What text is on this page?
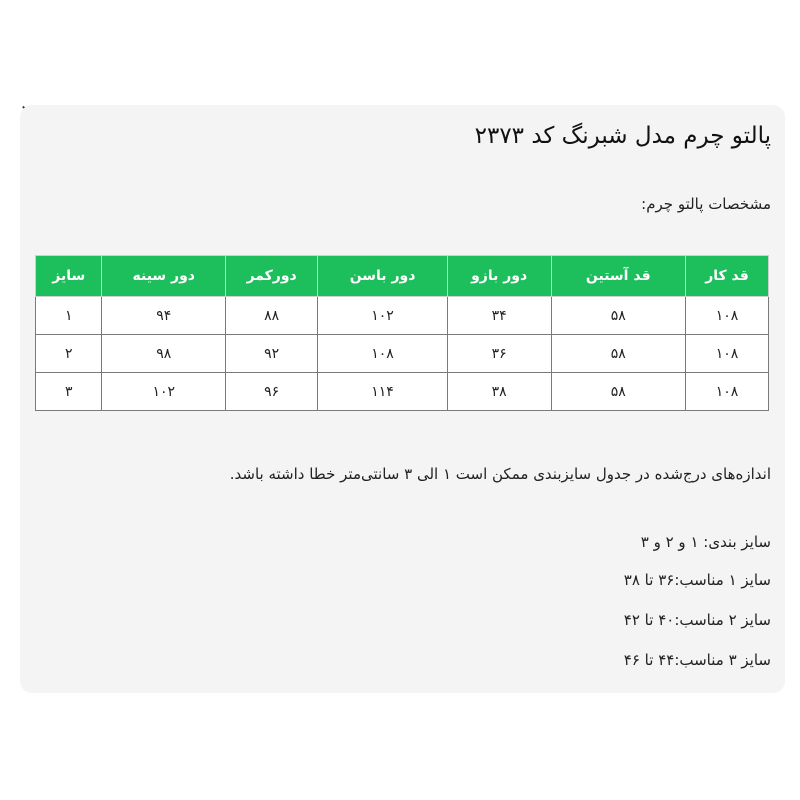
پالتو چرم مدل شبرنگ کد ۲۳۷۳
مشخصات پالتو چرم:
قد کار	قد آستین	دور بازو	دور باسن	دورکمر	دور سینه	سایز
۱۰۸	۵۸	۳۴	۱۰۲	۸۸	۹۴	۱
۱۰۸	۵۸	۳۶	۱۰۸	۹۲	۹۸	۲
۱۰۸	۵۸	۳۸	۱۱۴	۹۶	۱۰۲	۳
اندازه‌های درج‌شده در جدول سایزبندی ممکن است ۱ الی ۳ سانتی‌متر خطا داشته باشد.
سایز بندی: ۱ و ۲ و ۳
سایز ۱ مناسب:۳۶ تا ۳۸
سایز ۲ مناسب:۴۰ تا ۴۲
سایز ۳ مناسب:۴۴ تا ۴۶
